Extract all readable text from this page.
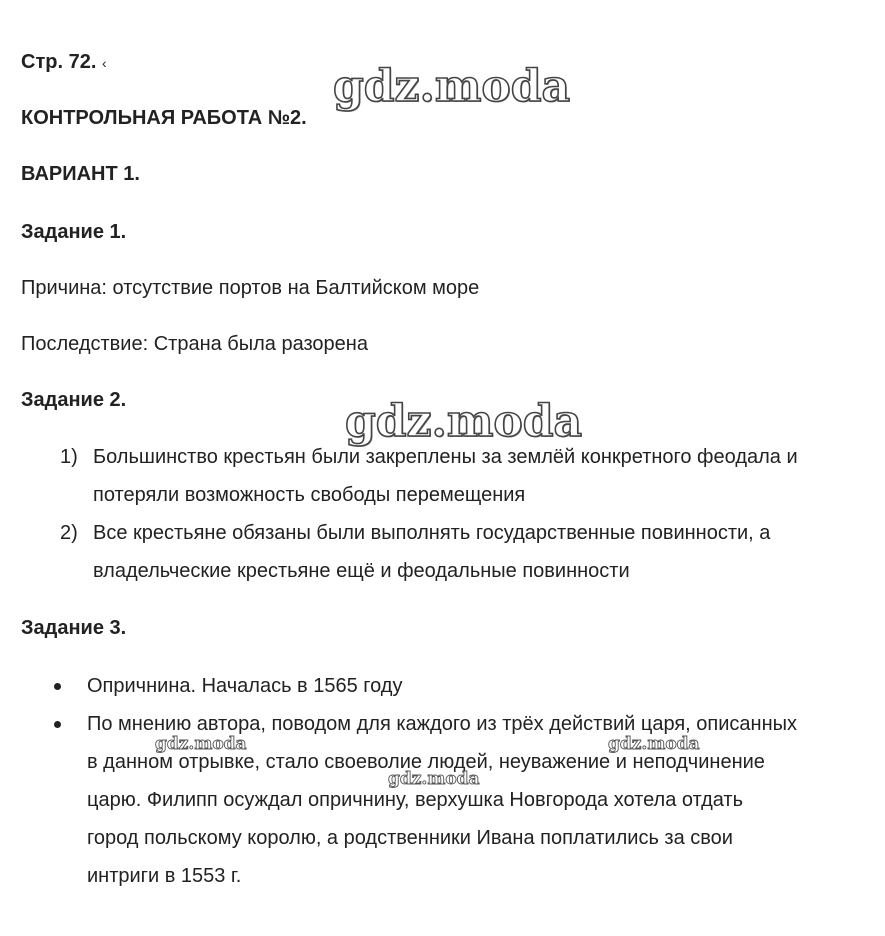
Стр. 72. ‹
КОНТРОЛЬНАЯ РАБОТА №2.
ВАРИАНТ 1.
Задание 1.
Причина: отсутствие портов на Балтийском море
Последствие: Страна была разорена
Задание 2.
1) Большинство крестьян были закреплены за землёй конкретного феодала и
потеряли возможность свободы перемещения
2) Все крестьяне обязаны были выполнять государственные повинности, а
владельческие крестьяне ещё и феодальные повинности
Задание 3.
Опричнина. Началась в 1565 году
По мнению автора, поводом для каждого из трёх действий царя, описанных
в данном отрывке, стало своеволие людей, неуважение и неподчинение
царю. Филипп осуждал опричнину, верхушка Новгорода хотела отдать
город польскому королю, а родственники Ивана поплатились за свои
интриги в 1553 г.
gdz.moda
gdz.moda
gdz.moda	gdz.moda
gdz.moda
